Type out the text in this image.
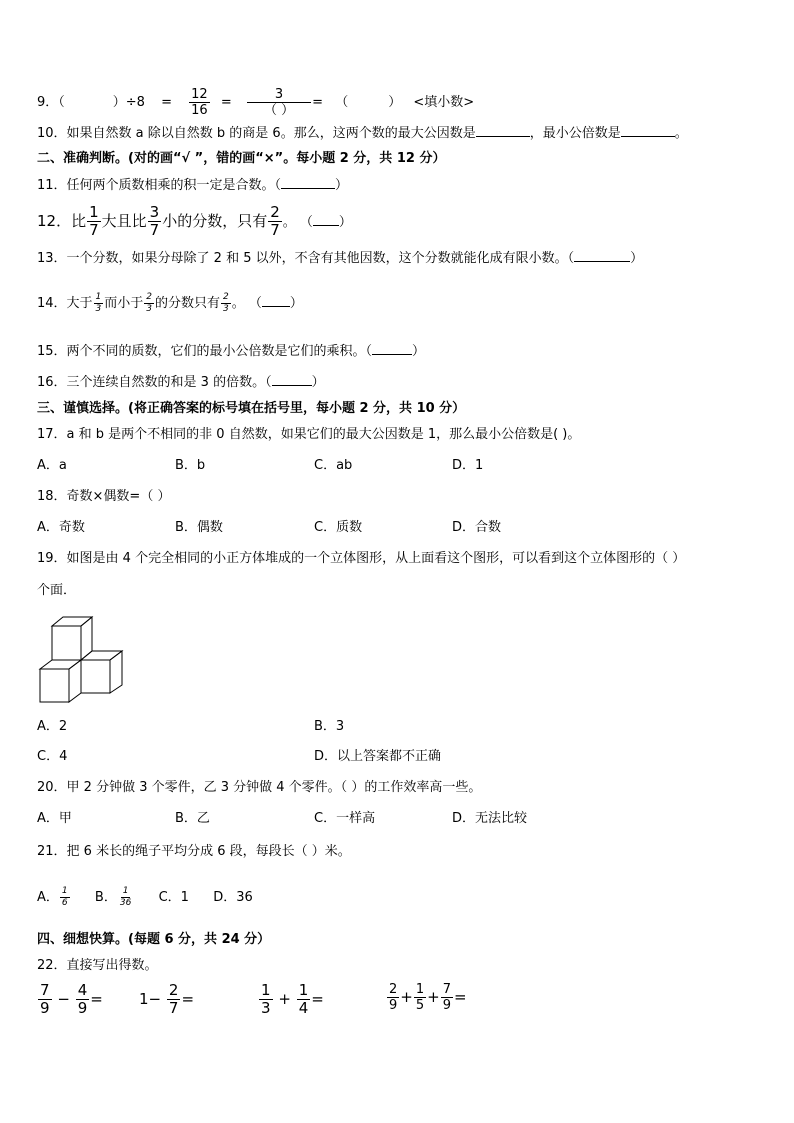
9．（	）$\div 8 = \frac{12}{16} = \frac{3}{( )}$ = （	） <填小数>
10．如果自然数 a 除以自然数 b 的商是 6。那么，这两个数的最大公因数是	，最小公倍数是	。
二、准确判断。(对的画“√ ”，错的画“×”。每小题 2 分，共 12 分）
11．任何两个质数相乘的积一定是合数。（	）
12．比 $\frac{1}{7}$ 大且比 $\frac{3}{7}$ 小的分数，只有 $\frac{2}{7}$ 。 （ ）
13．一个分数，如果分母除了 2 和 5 以外，不含有其他因数，这个分数就能化成有限小数。（	）
14．大于 $\frac{1}{3}$ 而小于 $\frac{2}{3}$ 的分数只有 $\frac{2}{3}$ 。 （ ）
15．两个不同的质数，它们的最小公倍数是它们的乘积。（	）
16．三个连续自然数的和是 3 的倍数。（	）
三、谨慎选择。(将正确答案的标号填在括号里，每小题 2 分，共 10 分）
17．a 和 b 是两个不相同的非 0 自然数，如果它们的最大公因数是 1，那么最小公倍数是( )。
A．a	B．b	C．ab	D．1
18．奇数×偶数=（ ）
A．奇数	B．偶数	C．质数	D．合数
19．如图是由 4 个完全相同的小正方体堆成的一个立体图形，从上面看这个图形，可以看到这个立体图形的（ ）
个面．
A．2	B．3
C．4	D．以上答案都不正确
20．甲 2 分钟做 3 个零件，乙 3 分钟做 4 个零件。（ ）的工作效率高一些。
A．甲	B．乙	C．一样高	D．无法比较
21．把 6 米长的绳子平均分成 6 段，每段长（ ）米。
A． $\frac{1}{6}$ B． $\frac{1}{36}$ C．1 D．36
四、细想快算。(每题 6 分，共 24 分）
22．直接写出得数。
$\frac{7}{9} - \frac{4}{9} = 1- \frac{2}{7}$ =	$\frac{1}{3} + \frac{1}{4}$ =	$\frac{2}{9} + \frac{1}{5} + \frac{7}{9}$ =
